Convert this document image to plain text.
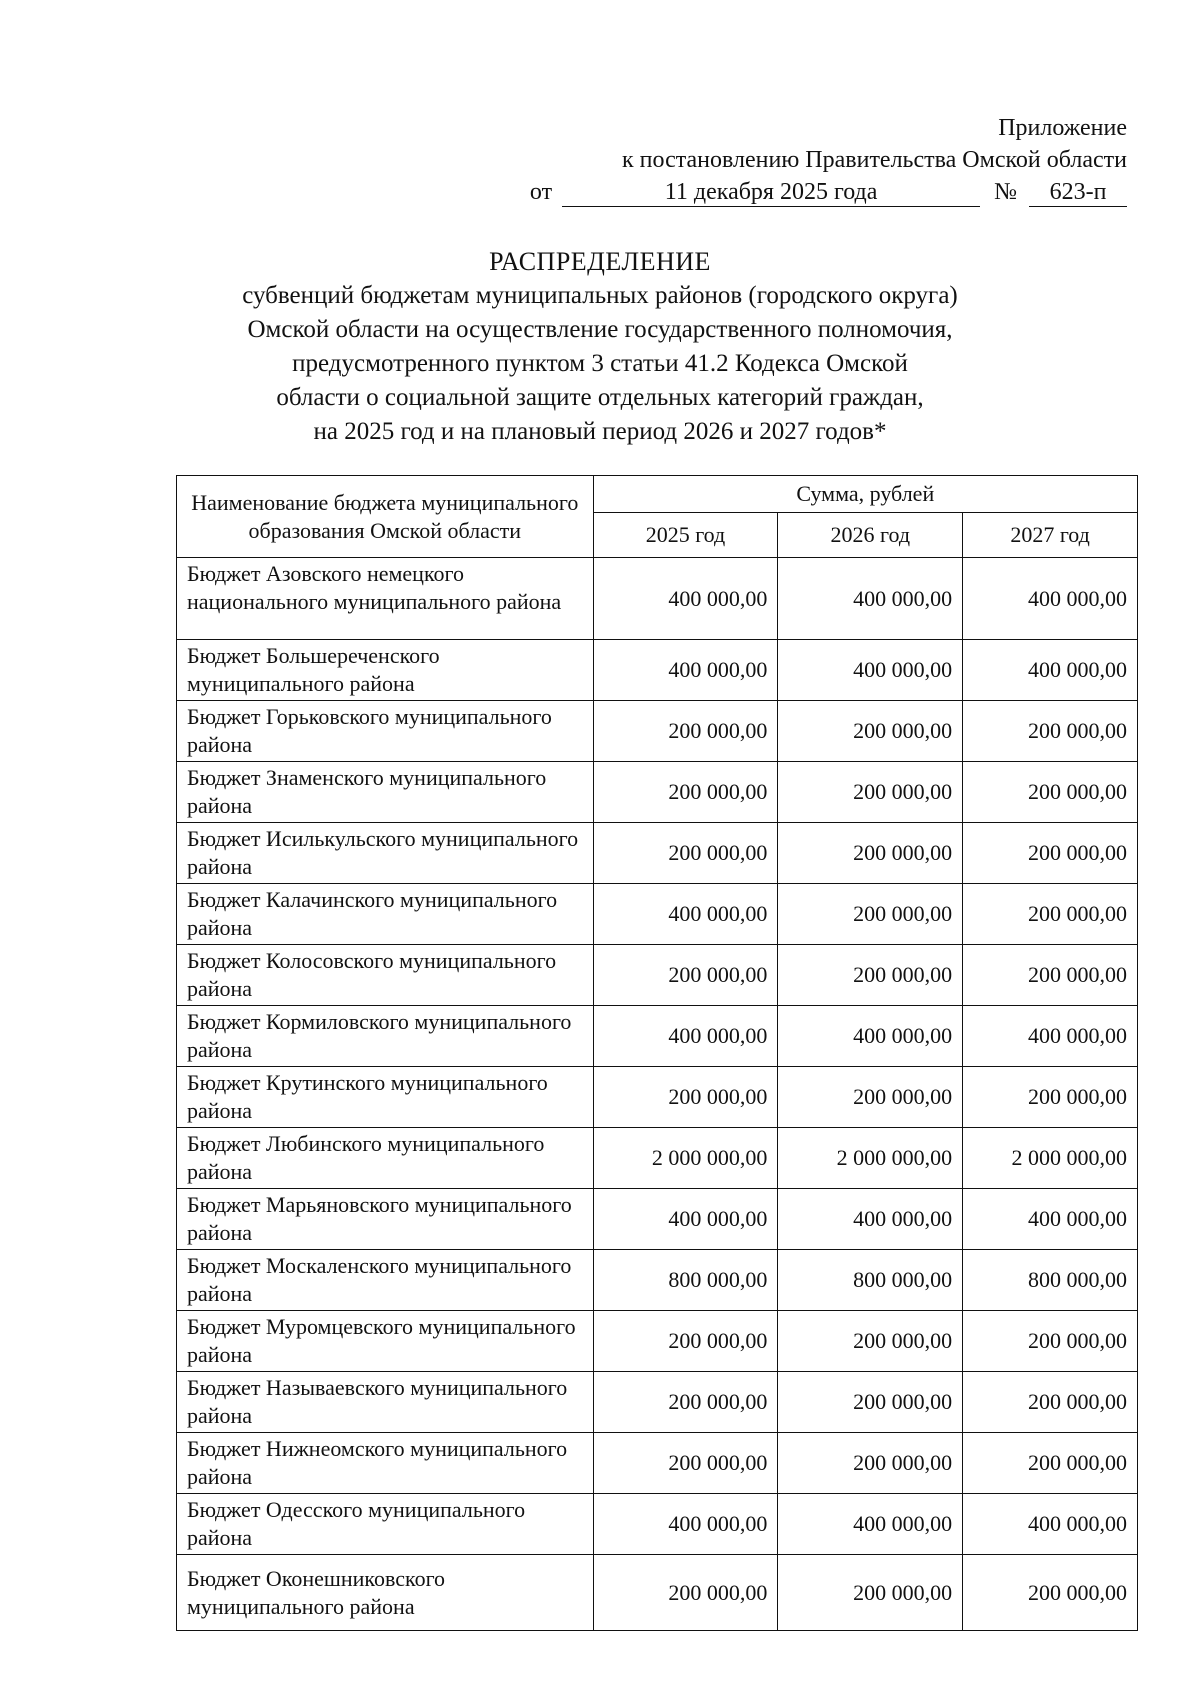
Приложение
к постановлению Правительства Омской области
от	11 декабря 2025 года	№	623-п
РАСПРЕДЕЛЕНИЕ
субвенций бюджетам муниципальных районов (городского округа)
Омской области на осуществление государственного полномочия,
предусмотренного пунктом 3 статьи 41.2 Кодекса Омской
области о социальной защите отдельных категорий граждан,
на 2025 год и на плановый период 2026 и 2027 годов*
Наименование бюджета муниципального образования Омской области	Сумма, рублей		
	2025 год	2026 год	2027 год
Бюджет Азовского немецкого национального муниципального района	400 000,00	400 000,00	400 000,00
Бюджет Большереченского муниципального района	400 000,00	400 000,00	400 000,00
Бюджет Горьковского муниципального района	200 000,00	200 000,00	200 000,00
Бюджет Знаменского муниципального района	200 000,00	200 000,00	200 000,00
Бюджет Исилькульского муниципального района	200 000,00	200 000,00	200 000,00
Бюджет Калачинского муниципального района	400 000,00	200 000,00	200 000,00
Бюджет Колосовского муниципального района	200 000,00	200 000,00	200 000,00
Бюджет Кормиловского муниципального района	400 000,00	400 000,00	400 000,00
Бюджет Крутинского муниципального района	200 000,00	200 000,00	200 000,00
Бюджет Любинского муниципального района	2 000 000,00	2 000 000,00	2 000 000,00
Бюджет Марьяновского муниципального района	400 000,00	400 000,00	400 000,00
Бюджет Москаленского муниципального района	800 000,00	800 000,00	800 000,00
Бюджет Муромцевского муниципального района	200 000,00	200 000,00	200 000,00
Бюджет Называевского муниципального района	200 000,00	200 000,00	200 000,00
Бюджет Нижнеомского муниципального района	200 000,00	200 000,00	200 000,00
Бюджет Одесского муниципального района	400 000,00	400 000,00	400 000,00
Бюджет Оконешниковского муниципального района	200 000,00	200 000,00	200 000,00
